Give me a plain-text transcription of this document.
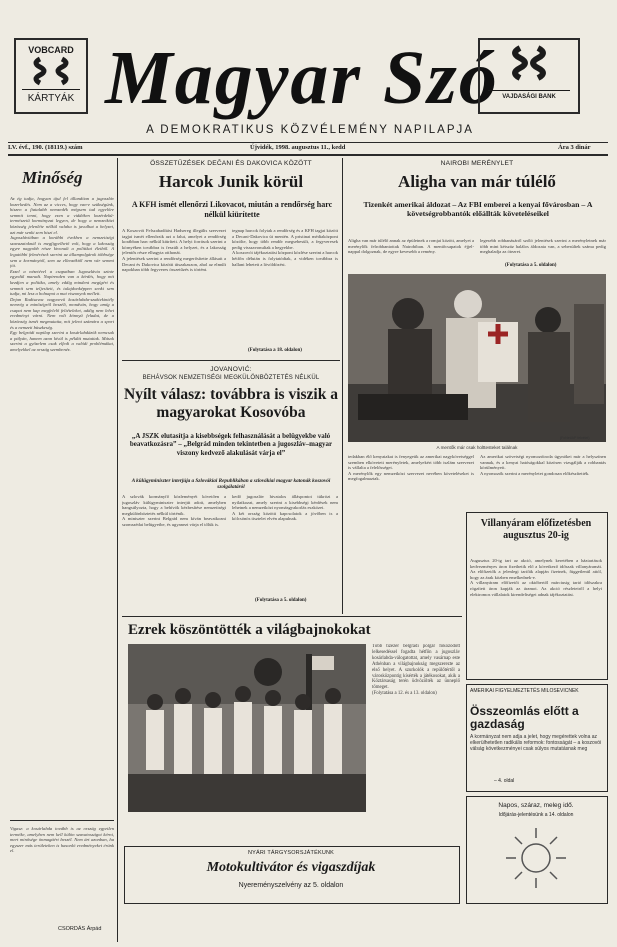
VOBCARD
KÁRTYÁK Magyar Szó VAJDASÁGI BANK
A DEMOKRATIKUS KÖZVÉLEMÉNY NAPILAPJA
LV. évf., 190. (18119.) szám	Újvidék, 1998. augusztus 11., kedd	Ára 3 dinár
Minőség
Az ég tudja, hogyan újul fel állandóan a jugoszláv kozerkedés. Nem az a vicces, hogy van-e szükségünk, hiszen a fiatalabb nemzedék mégsem tud egyelőre semmit tenni, hogy ezen a viddéken kozérdekű-természetű kormányzat legyen, de hogy a nemzetközi közösség jelenléte nélkül valaha is javulhat a helyzet, azt már senki sem hiszi el.
Jugoszláviában a korábbi években a nemzetiségi szavazatoknál is megfigyelhető volt, hogy a lakosság egyre nagyobb része kivonult a politikai életből. A legutóbbi felmérések szerint az állampolgárok többsége sem a kormánytól, sem az ellenzéktől nem vár semmi jót.
Ezzel a nézetével a csapatban Jugoszlávia szinte egyedül maradt. Napirenden van a kérdés, hogy mit kezdjen a politika, amely eddig mindent megígért és semmit sem teljesített, és tulajdonképpen senki sem tudja, mi lesz a holnapot a mai viszonyok mellett.
Dejan Radisavac nagynevű kosárlabda-szaktekintély nemrég a minőségről beszélt, mondván, hogy amíg a csapat nem kap megfelelő feltételeket, addig nem lehet eredményt várni. Nem volt könnyű feladat, de a közönség ismét megmutatta, mit jelent számára a sport és a nemzeti büszkeség.
Egy belgrádi napilap szerint a kosárlabdázók nemcsak a pályán, hanem azon kívül is példát mutattak. Mások szerint a győzelem csak elfedi a valódi problémákat, amelyekkel az ország szembenéz.
Vigasz: a kosárlabda tovább is az ország egyetlen terméke, amelyben nem kell külön szavatosságot kérni, mert minősége önmagáért beszél. Nem árt azonban, ha egyszer más területeken is hasonló eredményeket érünk el.
CSORDÁS Árpád
ÖSSZETŰZÉSEK DEČANI ÉS DAKOVICA KÖZÖTT
Harcok Junik körül
A KFH ismét ellenőrzi Likovacot, miután a rendőrség harc nélkül kiürítette
A Koszovói Felszabadítási Hadsereg illegális szervezet tagjai ismét ellenőrzik azt a falut, amelyet a rendőrség korábban harc nélkül kiürített. A helyi források szerint a környéken továbbra is feszült a helyzet, és a lakosság jelentős része elhagyta otthonát.
A jelentések szerint a rendőrség megerősítette állásait a Decani és Dakovica közötti útszakaszon, ahol az elmúlt napokban több fegyveres összetűzés is történt.
tegnap harcok folytak a rendőrség és a KFH tagjai között a Decani-Dakovica út mentén. A pristinai médiaközpont közölte, hogy több rendőr megsebesült, a fegyveresek pedig visszavonultak a hegyekbe.
A koszovói tájékoztatási központ közlése szerint a harcok hétfőn délután is folytatódtak, a vidéken továbbra is hallani lehetett a lövöldözést.
(Folytatása a 18. oldalon)
NAIROBI MERÉNYLET
Aligha van már túlélő
Tizenkét amerikai áldozat – Az FBI emberei a kenyai fővárosban – A követségrobbantók előállták követeléseikel
Aligha van már túlélő annak az épületnek a romjai között, amelyet a merénylők felrobbantottak Nairobiban. A mentőcsapatok éjjel-nappal dolgoznak, de egyre kevesebb a remény.
legesebb robbanásáról szóló jelentések szerint a merényletnek már több mint kétszáz halálos áldozata van, a sebesültek száma pedig meghaladja az ötezret.
(Folytatása a 5. oldalon)
(FoNet/AP felvétel)
A mentők már csak holttesteket találnak
tedakban élő kenyaiakat is fenyegetik az amerikai nagykövetséggel szemben elkövetett merényletek, amelyekért több iszlám szervezet is vállalta a felelősséget.
A merénylők egy nemzetközi szervezet nevében követeléseket is megfogalmaztak.
Az amerikai szövetségi nyomozóiroda ügynökei már a helyszínen vannak, és a kenyai hatóságokkal közösen vizsgálják a robbantás körülményeit.
A nyomozók szerint a merényletet gondosan előkészítették.
JOVANOVIĆ:
BEHÁVSOK NEMZETISÉGI MEGKÜLÖNBÖZTETÉS NÉLKÜL
Nyílt válasz: továbbra is viszik a magyarokat Kosovóba
„A JSZK elutasítja a kisebbségek felhasználását a belügyekbe való beavatkozásra” – „Belgrád minden tekintetben a jugoszláv–magyar viszony kedvező alakulását várja el”
A külügyminiszter interjúja a Szlovákiai Republikában a szlovákiai magyar katonák koszovói szolgálatáról
A szlovák kormányfő közleményét követően a jugoszláv külügyminiszter interjút adott, amelyben hangsúlyozta, hogy a behívók kézbesítése nemzetiségi megkülönböztetés nélkül történik.
A miniszter szerint Belgrád nem kíván beavatkozni szomszédai belügyeibe, és ugyanezt várja el tőlük is.
kedő jugoszláv hivatalos álláspontot tükrözi a nyilatkozat, amely szerint a kisebbségi kérdések nem lehetnek a nemzetközi nyomásgyakorlás eszközei.
A két ország közötti kapcsolatok a jövőben is a kölcsönös tisztelet elvén alapulnak.
(Folytatása a 5. oldalon)
Villanyáram előfizetésben augusztus 20-ig
Augusztus 20-ig tart az akció, amelynek keretében a háztartások kedvezményes áron fizethetik elő a következő időszak villanyáramát. Az előfizetők a jelenlegi tarifák alapján fizetnek, függetlenül attól, hogy az árak közben emelkednek-e.
A villanyáram előfizetői az októbertől márciusig tartó időszakra rögzített áron kapják az áramot. Az akció részleteiről a helyi elektromos vállalatok kirendeltségei adnak tájékoztatást.
Ezrek köszöntötték a világbajnokokat
Több tízezer belgrádi polgár fokozódott lelkesedéssel fogadta hétfőn a jugoszláv kosárlabda-válogatottat, amely vasárnap este Athénban a világbajnokság megszerezte az első helyet. A szurkolók a repülőtértől a városközpontig kísérték a játékosokat, akik a Köztársaság terén üdvözölték az ünneplő tömeget.
(Folytatása a 12. és a 13. oldalon)
NYÁRI TÁRGYSORSJÁTÉKUNK
Motokultivátor és vigaszdíjak
Nyereményszelvény az 5. oldalon
AMERIKAI FIGYELMEZTETÉS MILOSEVICNEK
Összeomlás előtt a gazdaság
A kormányzat nem adja a jelet, hogy megérettek volna az elkerülhetetlen radikális reformok: fontosságát – a koszovói válság következményei csak súlyos mutatásnak meg
– 4. oldal
Napos, száraz, meleg idő.
Időjárás-jelentésünk a 14. oldalon
